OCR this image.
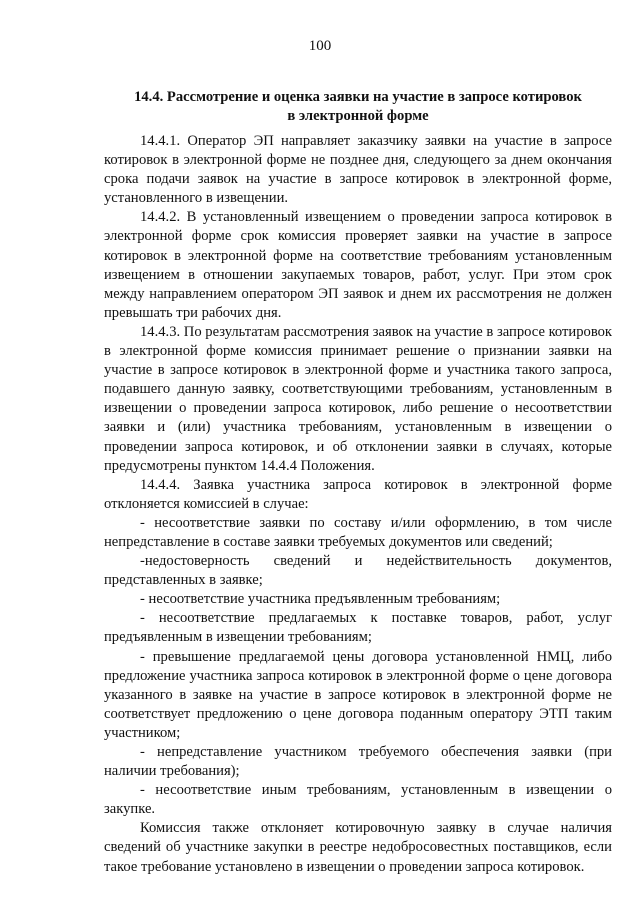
100
14.4. Рассмотрение и оценка заявки на участие в запросе котировок
в электронной форме

14.4.1. Оператор ЭП направляет заказчику заявки на участие в запросе котировок в электронной форме не позднее дня, следующего за днем окончания срока подачи заявок на участие в запросе котировок в электронной форме, установленного в извещении.

14.4.2. В установленный извещением о проведении запроса котировок в электронной форме срок комиссия проверяет заявки на участие в запросе котировок в электронной форме на соответствие требованиям установленным извещением в отношении закупаемых товаров, работ, услуг. При этом срок между направлением оператором ЭП заявок и днем их рассмотрения не должен превышать три рабочих дня.

14.4.3. По результатам рассмотрения заявок на участие в запросе котировок в электронной форме комиссия принимает решение о признании заявки на участие в запросе котировок в электронной форме и участника такого запроса, подавшего данную заявку, соответствующими требованиям, установленным в извещении о проведении запроса котировок, либо решение о несоответствии заявки и (или) участника требованиям, установленным в извещении о проведении запроса котировок, и об отклонении заявки в случаях, которые предусмотрены пунктом 14.4.4 Положения.

14.4.4. Заявка участника запроса котировок в электронной форме отклоняется комиссией в случае:

- несоответствие заявки по составу и/или оформлению, в том числе непредставление в составе заявки требуемых документов или сведений;

-недостоверность сведений и недействительность документов, представленных в заявке;

- несоответствие участника предъявленным требованиям;

- несоответствие предлагаемых к поставке товаров, работ, услуг предъявленным в извещении требованиям;

- превышение предлагаемой цены договора установленной НМЦ, либо предложение участника запроса котировок в электронной форме о цене договора указанного в заявке на участие в запросе котировок в электронной форме не соответствует предложению о цене договора поданным оператору ЭТП таким участником;

- непредставление участником требуемого обеспечения заявки (при наличии требования);

- несоответствие иным требованиям, установленным в извещении о закупке.

Комиссия также отклоняет котировочную заявку в случае наличия сведений об участнике закупки в реестре недобросовестных поставщиков, если такое требование установлено в извещении о проведении запроса котировок.
